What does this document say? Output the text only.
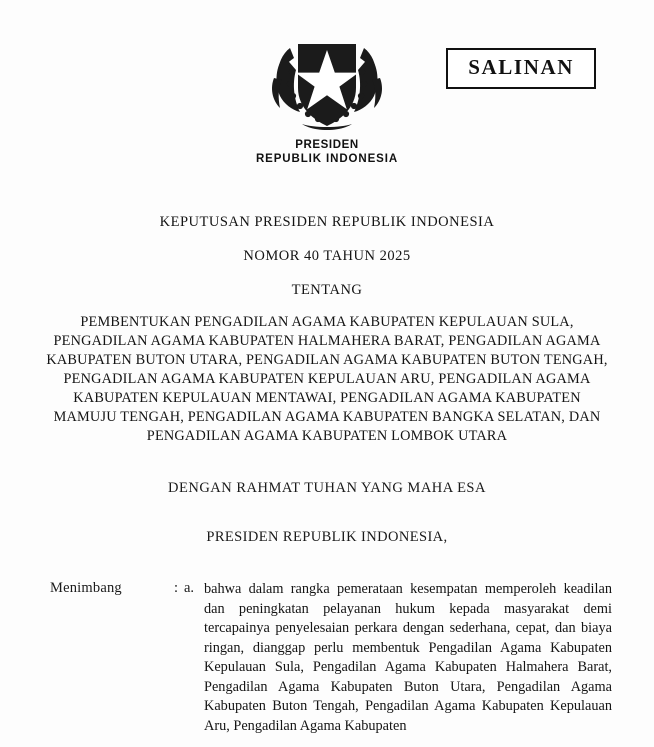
PRESIDEN
REPUBLIK INDONESIA
SALINAN
KEPUTUSAN PRESIDEN REPUBLIK INDONESIA
NOMOR 40 TAHUN 2025
TENTANG
PEMBENTUKAN PENGADILAN AGAMA KABUPATEN KEPULAUAN SULA, PENGADILAN AGAMA KABUPATEN HALMAHERA BARAT, PENGADILAN AGAMA KABUPATEN BUTON UTARA, PENGADILAN AGAMA KABUPATEN BUTON TENGAH, PENGADILAN AGAMA KABUPATEN KEPULAUAN ARU, PENGADILAN AGAMA KABUPATEN KEPULAUAN MENTAWAI, PENGADILAN AGAMA KABUPATEN MAMUJU TENGAH, PENGADILAN AGAMA KABUPATEN BANGKA SELATAN, DAN PENGADILAN AGAMA KABUPATEN LOMBOK UTARA
DENGAN RAHMAT TUHAN YANG MAHA ESA
PRESIDEN REPUBLIK INDONESIA,
Menimbang	: a. bahwa dalam rangka pemerataan kesempatan memperoleh keadilan dan peningkatan pelayanan hukum kepada masyarakat demi tercapainya penyelesaian perkara dengan sederhana, cepat, dan biaya ringan, dianggap perlu membentuk Pengadilan Agama Kabupaten Kepulauan Sula, Pengadilan Agama Kabupaten Halmahera Barat, Pengadilan Agama Kabupaten Buton Utara, Pengadilan Agama Kabupaten Buton Tengah, Pengadilan Agama Kabupaten Kepulauan Aru, Pengadilan Agama Kabupaten
